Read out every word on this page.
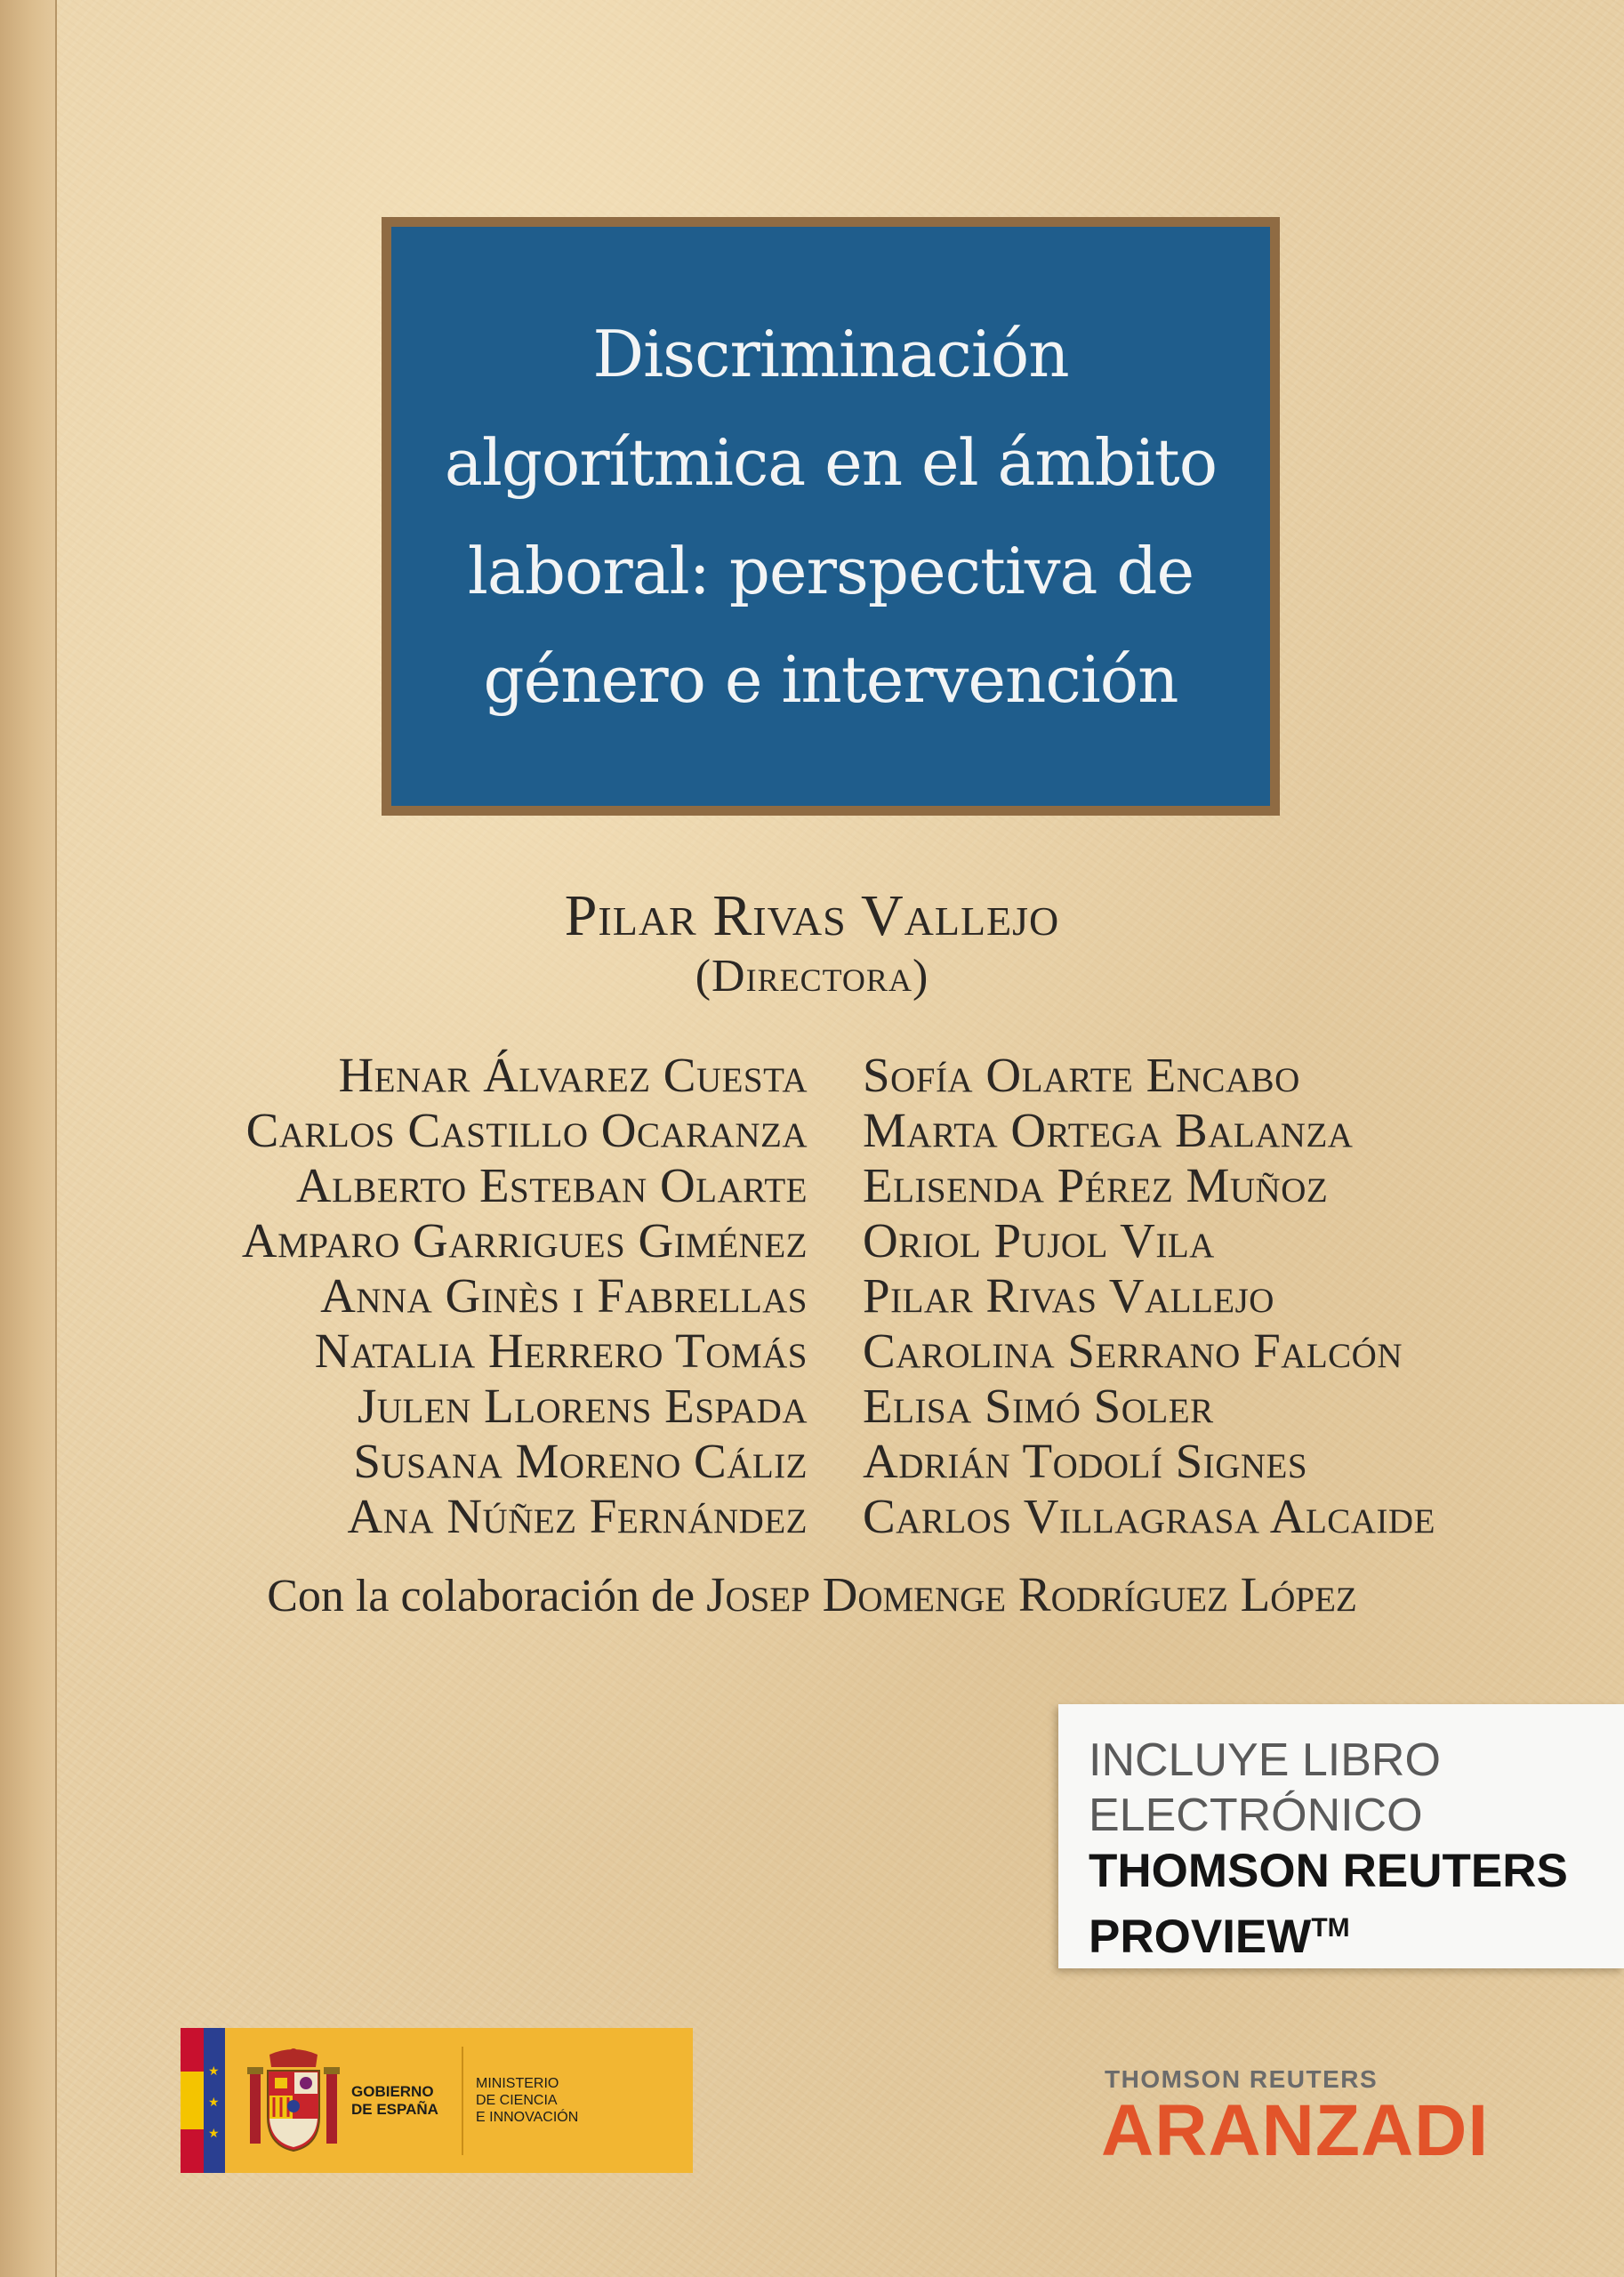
Discriminación
algorítmica en el ámbito
laboral: perspectiva de
género e intervención
Pilar Rivas Vallejo
(Directora)
Henar Álvarez Cuesta
Carlos Castillo Ocaranza
Alberto Esteban Olarte
Amparo Garrigues Giménez
Anna Ginès i Fabrellas
Natalia Herrero Tomás
Julen Llorens Espada
Susana Moreno Cáliz
Ana Núñez Fernández
Sofía Olarte Encabo
Marta Ortega Balanza
Elisenda Pérez Muñoz
Oriol Pujol Vila
Pilar Rivas Vallejo
Carolina Serrano Falcón
Elisa Simó Soler
Adrián Todolí Signes
Carlos Villagrasa Alcaide
Con la colaboración de Josep Domenge Rodríguez López
INCLUYE LIBRO
ELECTRÓNICO
THOMSON REUTERS
PROVIEW™
★
★
★
GOBIERNO
DE ESPAÑA
MINISTERIO
DE CIENCIA
E INNOVACIÓN
THOMSON REUTERS
ARANZADI
